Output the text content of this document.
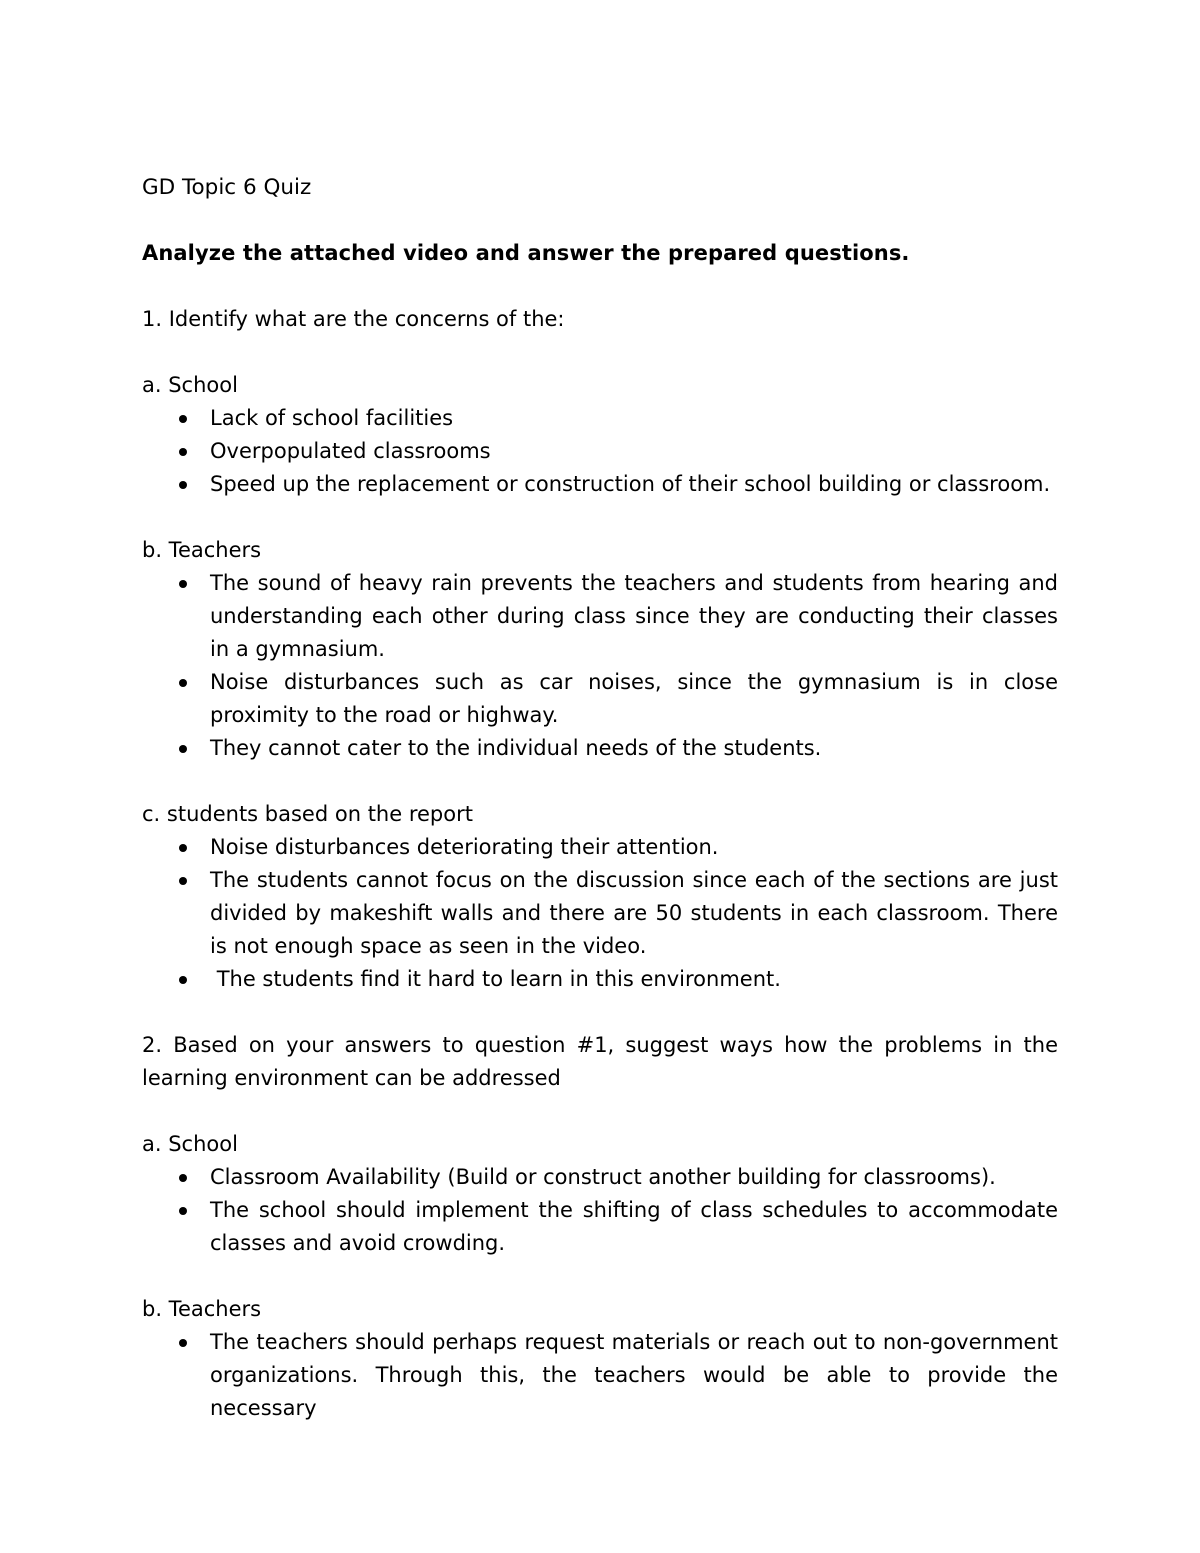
GD Topic 6 Quiz

Analyze the attached video and answer the prepared questions.

1. Identify what are the concerns of the:

a. School

Lack of school facilities
Overpopulated classrooms
Speed up the replacement or construction of their school building or classroom.

b. Teachers

The sound of heavy rain prevents the teachers and students from hearing and understanding each other during class since they are conducting their classes in a gymnasium.
Noise disturbances such as car noises, since the gymnasium is in close proximity to the road or highway.
They cannot cater to the individual needs of the students.

c. students based on the report

Noise disturbances deteriorating their attention.
The students cannot focus on the discussion since each of the sections are just divided by makeshift walls and there are 50 students in each classroom. There is not enough space as seen in the video.
The students find it hard to learn in this environment.

2. Based on your answers to question #1, suggest ways how the problems in the learning environment can be addressed

a. School

Classroom Availability (Build or construct another building for classrooms).
The school should implement the shifting of class schedules to accommodate classes and avoid crowding.

b. Teachers

The teachers should perhaps request materials or reach out to non-government organizations. Through this, the teachers would be able to provide the necessary
